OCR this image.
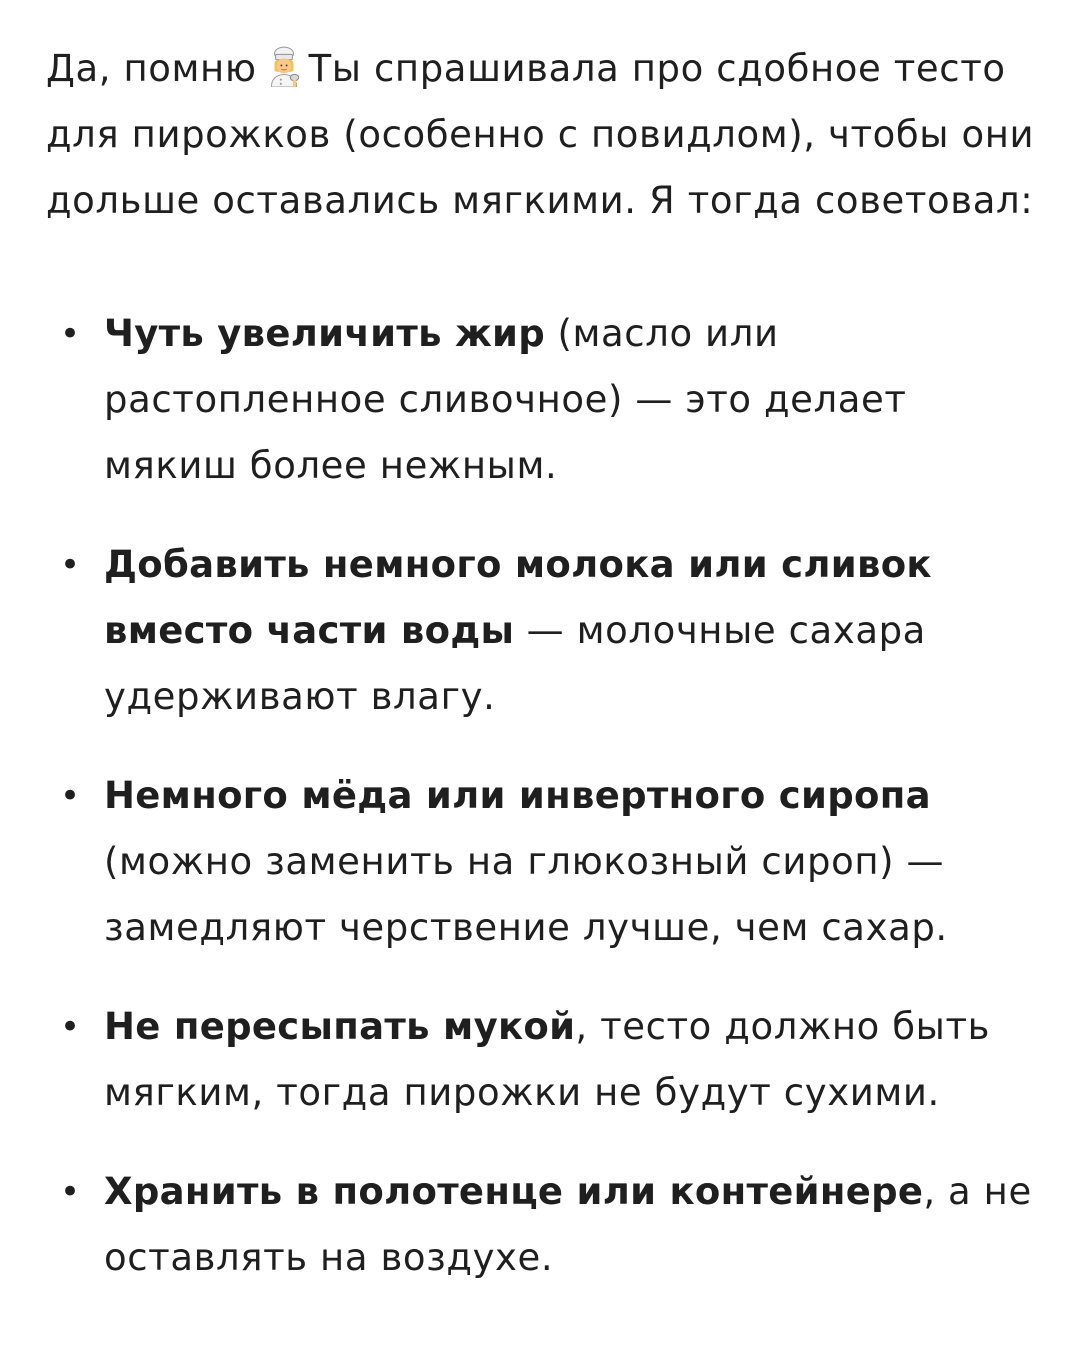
Да, помню Ты спрашивала про сдобное тесто для пирожков (особенно с повидлом), чтобы они дольше оставались мягкими. Я тогда советовал:

• Чуть увеличить жир (масло или растопленное сливочное) — это делает мякиш более нежным.
• Добавить немного молока или сливок вместо части воды — молочные сахара удерживают влагу.
• Немного мёда или инвертного сиропа (можно заменить на глюкозный сироп) — замедляют черствение лучше, чем сахар.
• Не пересыпать мукой, тесто должно быть мягким, тогда пирожки не будут сухими.
• Хранить в полотенце или контейнере, а не оставлять на воздухе.
